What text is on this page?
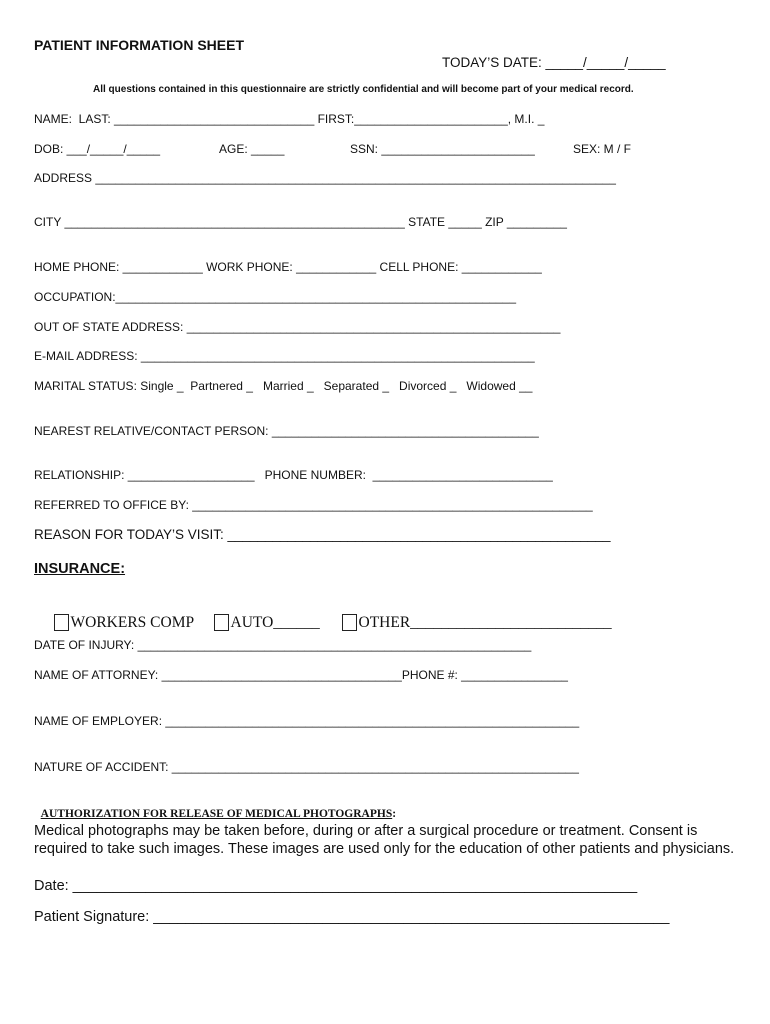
PATIENT INFORMATION SHEET
TODAY’S DATE: _____/_____/_____
All questions contained in this questionnaire are strictly confidential and will become part of your medical record.
NAME:  LAST: ______________________________ FIRST:_______________________, M.I. _
DOB: ___/_____/_____	AGE: _____	SSN: _______________________	SEX: M / F
ADDRESS ______________________________________________________________________________
CITY ___________________________________________________ STATE _____ ZIP _________
HOME PHONE: ____________ WORK PHONE: ____________ CELL PHONE: ____________
OCCUPATION:____________________________________________________________
OUT OF STATE ADDRESS: ________________________________________________________
E-MAIL ADDRESS: ___________________________________________________________
MARITAL STATUS: Single _  Partnered _   Married _   Separated _   Divorced _   Widowed __
NEAREST RELATIVE/CONTACT PERSON: ________________________________________
RELATIONSHIP: ___________________   PHONE NUMBER:  ___________________________
REFERRED TO OFFICE BY: ____________________________________________________________
REASON FOR TODAY’S VISIT: ___________________________________________________
INSURANCE:

WORKERS COMP
	AUTO______
	OTHER__________________________

DATE OF INJURY: ___________________________________________________________
NAME OF ATTORNEY: ____________________________________PHONE #: ________________
NAME OF EMPLOYER: ______________________________________________________________
NATURE OF ACCIDENT: _____________________________________________________________

AUTHORIZATION FOR RELEASE OF MEDICAL PHOTOGRAPHS:

Medical photographs may be taken before, during or after a surgical procedure or treatment. Consent is required to take such images. These images are used only for the education of other patients and physicians.
Date: ______________________________________________________________________
Patient Signature: ________________________________________________________________
